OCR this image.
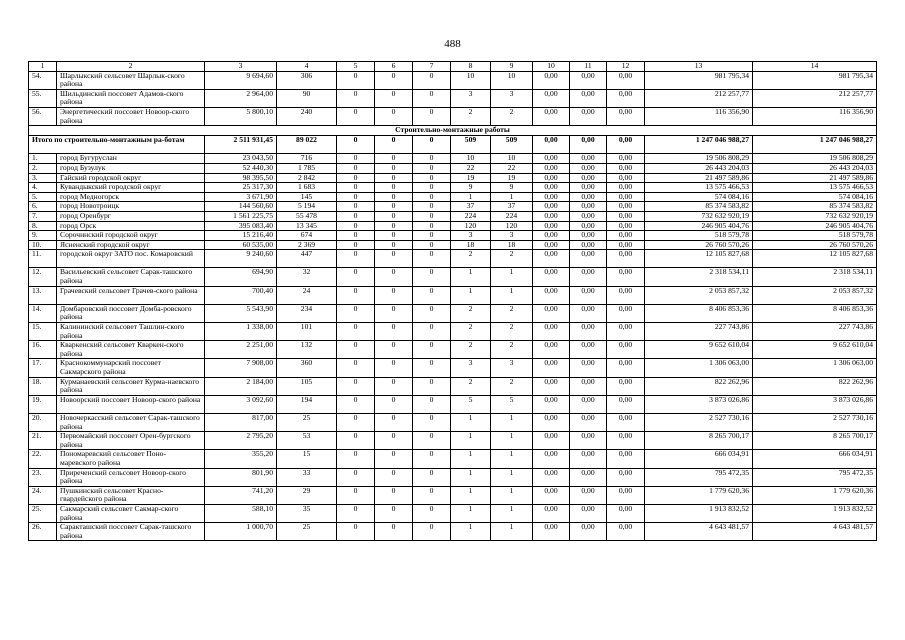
488
1	2	3	4	5	6	7	8	9	10	11	12	13	14
54.	Шарлыкский сельсовет Шарлык-ского района	9 694,60	306	0	0	0	10	10	0,00	0,00	0,00	981 795,34	981 795,34
55.	Шильдинский поссовет Адамов-ского района	2 964,00	90	0	0	0	3	3	0,00	0,00	0,00	212 257,77	212 257,77
56.	Энергетический поссовет Новоор-ского района	5 800,10	240	0	0	0	2	2	0,00	0,00	0,00	116 356,90	116 356,90
Строительно-монтажные работы													
Итого по строительно-монтажным ра-ботам		2 511 931,45	89 022	0	0	0	509	509	0,00	0,00	0,00	1 247 046 988,27	1 247 046 988,27
1.	город Бугуруслан	23 043,50	716	0	0	0	10	10	0,00	0,00	0,00	19 506 808,29	19 506 808,29
2.	город Бузулук	52 440,30	1 785	0	0	0	22	22	0,00	0,00	0,00	26 443 204,03	26 443 204,03
3.	Гайский городской округ	98 395,50	2 842	0	0	0	19	19	0,00	0,00	0,00	21 497 589,86	21 497 589,86
4.	Кувандыкский городской округ	25 317,30	1 683	0	0	0	9	9	0,00	0,00	0,00	13 575 466,53	13 575 466,53
5.	город Медногорск	3 671,90	145	0	0	0	1	1	0,00	0,00	0,00	574 084,16	574 084,16
6.	город Новотроицк	144 560,60	5 194	0	0	0	37	37	0,00	0,00	0,00	85 374 583,82	85 374 583,82
7.	город Оренбург	1 561 225,75	55 478	0	0	0	224	224	0,00	0,00	0,00	732 632 920,19	732 632 920,19
8.	город Орск	395 083,40	13 345	0	0	0	120	120	0,00	0,00	0,00	246 905 404,76	246 905 404,76
9.	Сорочинский городской округ	15 216,40	674	0	0	0	3	3	0,00	0,00	0,00	518 579,78	518 579,78
10.	Ясненский городской округ	60 535,00	2 369	0	0	0	18	18	0,00	0,00	0,00	26 760 570,26	26 760 570,26
11.	городской округ ЗАТО пос. Комаровский	9 240,60	447	0	0	0	2	2	0,00	0,00	0,00	12 105 827,68	12 105 827,68
12.	Васильевский сельсовет Сарак-ташского района	694,90	32	0	0	0	1	1	0,00	0,00	0,00	2 318 534,11	2 318 534,11
13.	Грачевский сельсовет Грачев-ского района	700,40	24	0	0	0	1	1	0,00	0,00	0,00	2 053 857,32	2 053 857,32
14.	Домбаровский поссовет Домба-ровского района	5 543,90	234	0	0	0	2	2	0,00	0,00	0,00	8 406 853,36	8 406 853,36
15.	Калининский сельсовет Ташлин-ского района	1 338,00	101	0	0	0	2	2	0,00	0,00	0,00	227 743,86	227 743,86
16.	Кваркенский сельсовет Кваркен-ского района	2 251,00	132	0	0	0	2	2	0,00	0,00	0,00	9 652 610,04	9 652 610,04
17.	Краснокоммунарский поссовет Сакмарского района	7 908,00	360	0	0	0	3	3	0,00	0,00	0,00	1 306 063,00	1 306 063,00
18.	Курманаевский сельсовет Курма-наевского района	2 184,00	105	0	0	0	2	2	0,00	0,00	0,00	822 262,96	822 262,96
19.	Новоорский поссовет Новоор-ского района	3 092,60	194	0	0	0	5	5	0,00	0,00	0,00	3 873 026,86	3 873 026,86
20.	Новочеркасский сельсовет Сарак-ташского района	817,00	25	0	0	0	1	1	0,00	0,00	0,00	2 527 730,16	2 527 730,16
21.	Первомайский поссовет Орен-бургского района	2 795,20	53	0	0	0	1	1	0,00	0,00	0,00	8 265 700,17	8 265 700,17
22.	Пономаревский сельсовет Поно-маревского района	355,20	15	0	0	0	1	1	0,00	0,00	0,00	666 034,91	666 034,91
23.	Приреченский сельсовет Новоор-ского района	801,90	33	0	0	0	1	1	0,00	0,00	0,00	795 472,35	795 472,35
24.	Пушкинский сельсовет Красно-гвардейского района	741,20	29	0	0	0	1	1	0,00	0,00	0,00	1 779 620,36	1 779 620,36
25.	Сакмарский сельсовет Сакмар-ского района	588,10	35	0	0	0	1	1	0,00	0,00	0,00	1 913 832,52	1 913 832,52
26.	Саракташский поссовет Сарак-ташского района	1 000,70	25	0	0	0	1	1	0,00	0,00	0,00	4 643 481,57	4 643 481,57
